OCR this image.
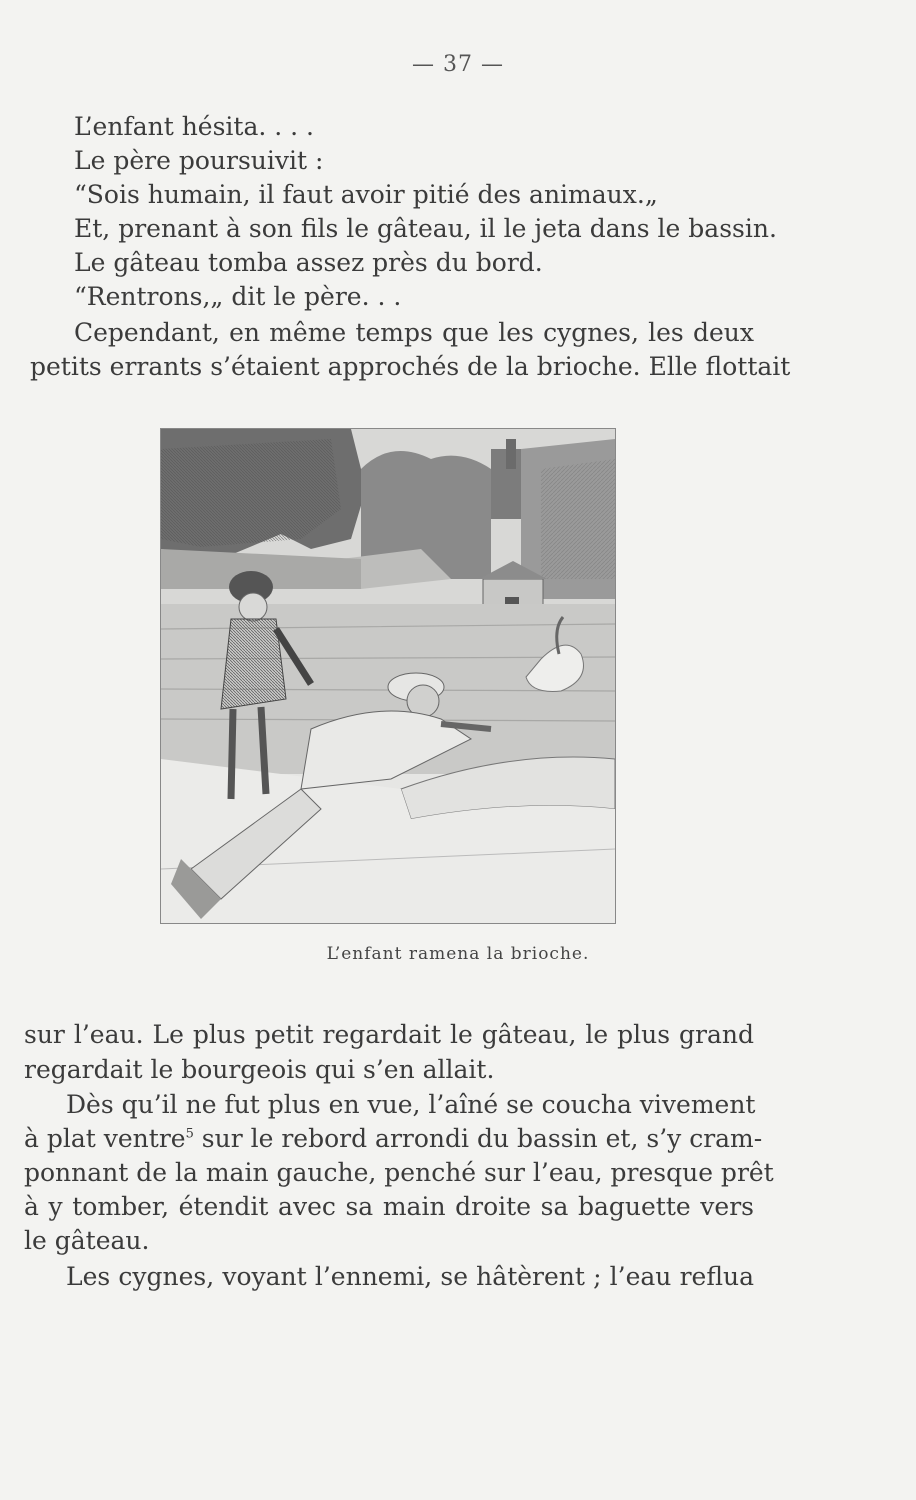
— 37 —
L’enfant hésita. . . .
Le père poursuivit :
“Sois humain, il faut avoir pitié des animaux.„
Et, prenant à son fils le gâteau, il le jeta dans le bassin.
Le gâteau tomba assez près du bord.
“Rentrons,„ dit le père. . .
Cependant, en même temps que les cygnes, les deux
petits errants s’étaient approchés de la brioche. Elle flottait
L’enfant ramena la brioche.
sur l’eau. Le plus petit regardait le gâteau, le plus grand
regardait le bourgeois qui s’en allait.
Dès qu’il ne fut plus en vue, l’aîné se coucha vivement
à plat ventre$^5$ sur le rebord arrondi du bassin et, s’y cram-
ponnant de la main gauche, penché sur l’eau, presque prêt
à y tomber, étendit avec sa main droite sa baguette vers
le gâteau.
Les cygnes, voyant l’ennemi, se hâtèrent ; l’eau reflua
